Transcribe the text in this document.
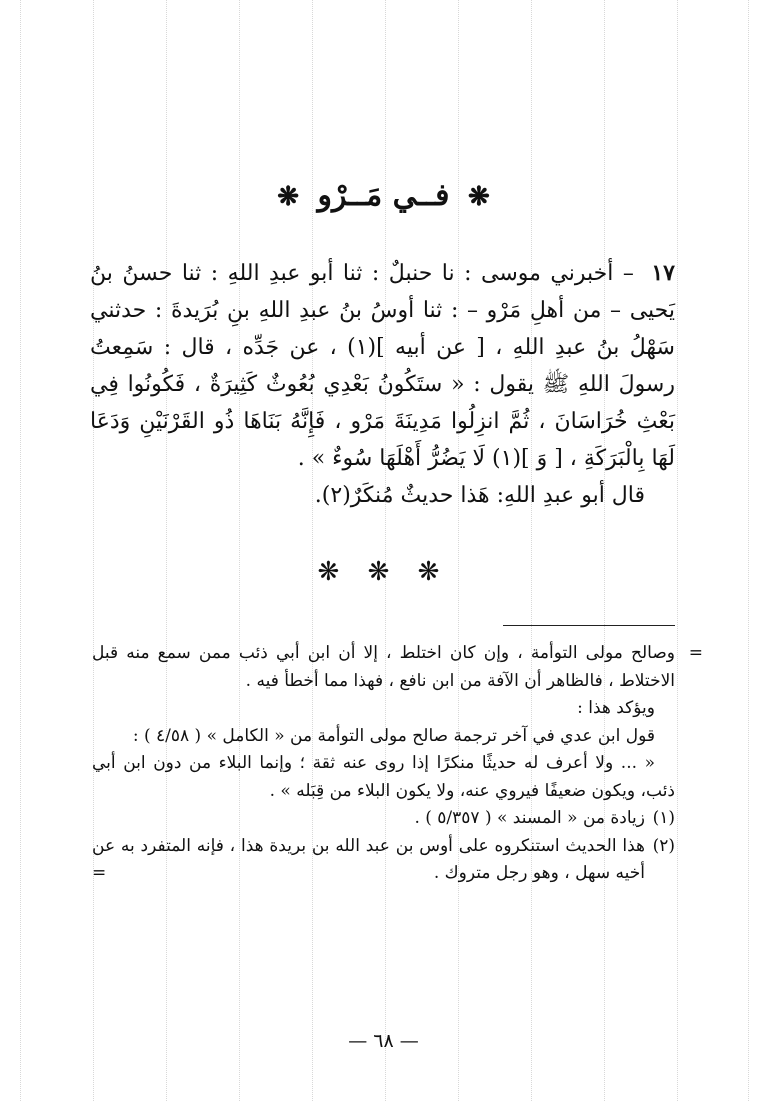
❋ فــي مَــرْو ❋

١٧ – أخبرني موسى : نا حنبلٌ : ثنا أبو عبدِ اللهِ : ثنا حسنُ بنُ يَحيى – من أهلِ مَرْو – : ثنا أوسُ بنُ عبدِ اللهِ بنِ بُرَيدةَ : حدثني سَهْلُ بنُ عبدِ اللهِ ، [ عن أبيه ](١) ، عن جَدِّه ، قال : سَمِعتُ رسولَ اللهِ ﷺ يقول : « ستَكُونُ بَعْدِي بُعُوثٌ كَثِيرَةٌ ، فَكُونُوا فِي بَعْثِ خُرَاسَانَ ، ثُمَّ انزِلُوا مَدِينَةَ مَرْو ، فَإِنَّهُ بَنَاهَا ذُو القَرْنَيْنِ وَدَعَا لَهَا بِالْبَرَكَةِ ، [ وَ ](١) لَا يَضُرُّ أَهْلَهَا سُوءٌ » .

قال أبو عبدِ اللهِ: هَذا حديثٌ مُنكَرٌ(٢).

❋ ❋ ❋

=
وصالح مولى التوأمة ، وإن كان اختلط ، إلا أن ابن أبي ذئب ممن سمع منه قبل الاختلاط ، فالظاهر أن الآفة من ابن نافع ، فهذا مما أخطأ فيه .

ويؤكد هذا :

قول ابن عدي في آخر ترجمة صالح مولى التوأمة من « الكامل » ( ٤/٥٨ ) :

« ... ولا أعرف له حديثًا منكرًا إذا روى عنه ثقة ؛ وإنما البلاء من دون ابن أبي ذئب، ويكون ضعيفًا فيروي عنه، ولا يكون البلاء من قِبَله » .

(١)
زيادة من « المسند » ( ٥/٣٥٧ ) .

(٢)
هذا الحديث استنكروه على أوس بن عبد الله بن بريدة هذا ، فإنه المتفرد به عن أخيه سهل ، وهو رجل متروك .
=

— ٦٨ —
